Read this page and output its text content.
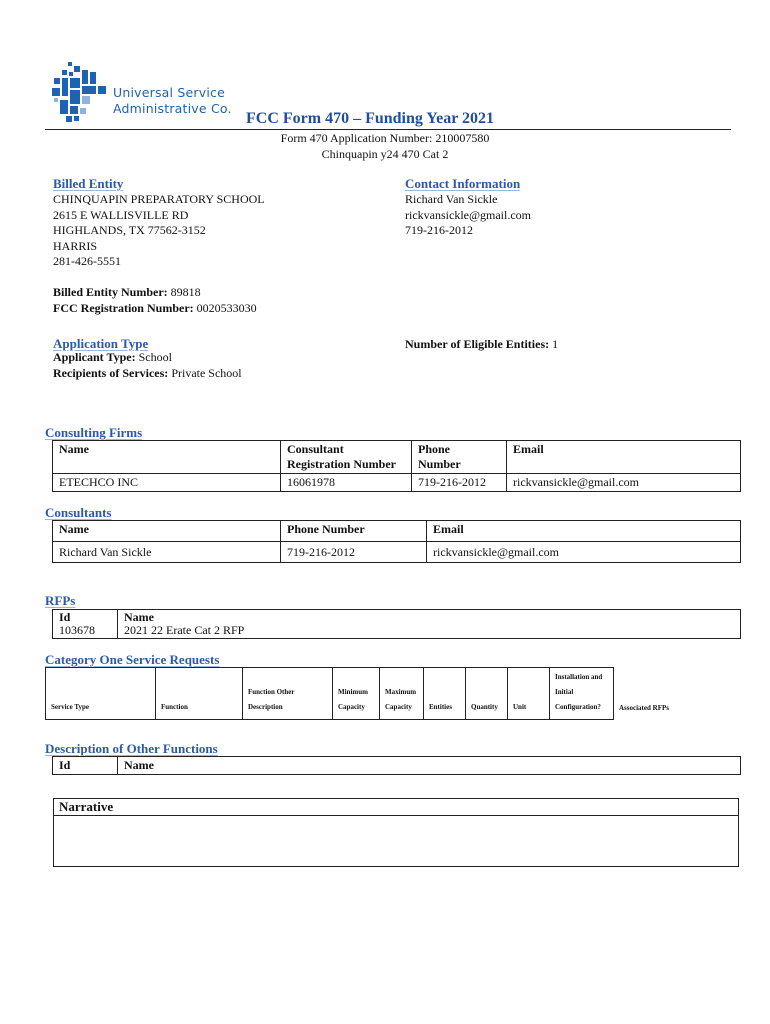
Universal Service
Administrative Co.
FCC Form 470 – Funding Year 2021
Form 470 Application Number: 210007580
Chinquapin y24 470 Cat 2
Billed Entity
CHINQUAPIN PREPARATORY SCHOOL
2615 E WALLISVILLE RD
HIGHLANDS, TX 77562-3152
HARRIS
281-426-5551
Contact Information
Richard Van Sickle
rickvansickle@gmail.com
719-216-2012
Billed Entity Number: 89818
FCC Registration Number: 0020533030
Application Type
Applicant Type: School
Recipients of Services: Private School
Number of Eligible Entities: 1
Consulting Firms
Name	Consultant Registration Number	Phone Number	Email
ETECHCO INC	16061978	719-216-2012	rickvansickle@gmail.com
Consultants
Name	Phone Number	Email
Richard Van Sickle	719-216-2012	rickvansickle@gmail.com
RFPs
Id	Name
103678	2021 22 Erate Cat 2 RFP
Category One Service Requests
Service Type	Function	Function Other Description	Minimum Capacity	Maximum Capacity	Entities	Quantity	Unit	Installation and Initial Configuration?	Associated RFPs
Description of Other Functions
Id	Name
Narrative
